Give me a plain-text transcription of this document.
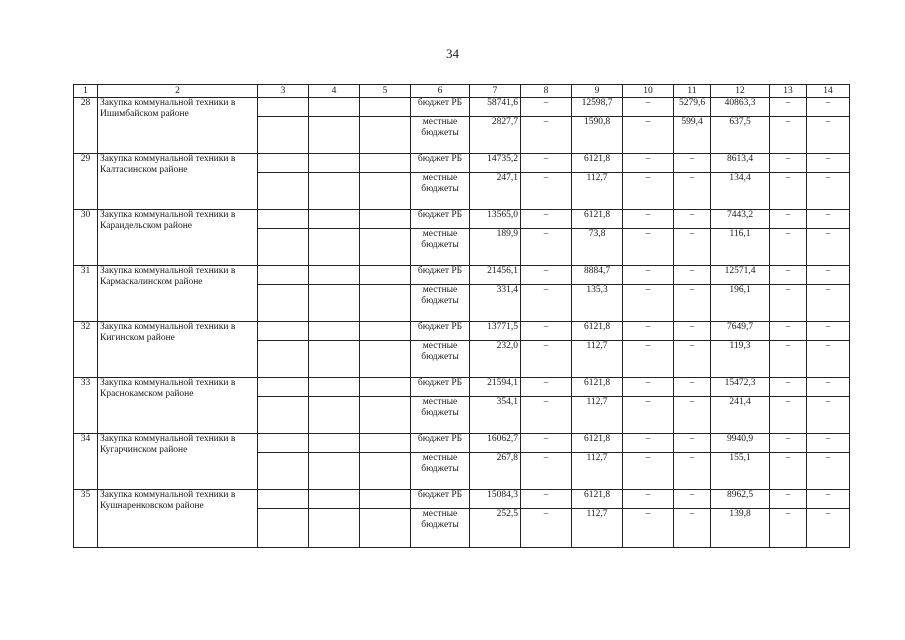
34
1	2	3	4	5	6	7	8	9	10	11	12	13	14
28	Закупка коммунальной техники в Ишимбайском районе				бюджет РБ	58741,6	–	12598,7	–	5279,6	40863,3	–	–
					местные бюджеты	2827,7	–	1590,8	–	599,4	637,5	–	–
29	Закупка коммунальной техники в Калтасинском районе				бюджет РБ	14735,2	–	6121,8	–	–	8613,4	–	–
					местные бюджеты	247,1	–	112,7	–	–	134,4	–	–
30	Закупка коммунальной техники в Караидельском районе				бюджет РБ	13565,0	–	6121,8	–	–	7443,2	–	–
					местные бюджеты	189,9	–	73,8	–	–	116,1	–	–
31	Закупка коммунальной техники в Кармаскалинском районе				бюджет РБ	21456,1	–	8884,7	–	–	12571,4	–	–
					местные бюджеты	331,4	–	135,3	–	–	196,1	–	–
32	Закупка коммунальной техники в Кигинском районе				бюджет РБ	13771,5	–	6121,8	–	–	7649,7	–	–
					местные бюджеты	232,0	–	112,7	–	–	119,3	–	–
33	Закупка коммунальной техники в Краснокамском районе				бюджет РБ	21594,1	–	6121,8	–	–	15472,3	–	–
					местные бюджеты	354,1	–	112,7	–	–	241,4	–	–
34	Закупка коммунальной техники в Кугарчинском районе				бюджет РБ	16062,7	–	6121,8	–	–	9940,9	–	–
					местные бюджеты	267,8	–	112,7	–	–	155,1	–	–
35	Закупка коммунальной техники в Кушнаренковском районе				бюджет РБ	15084,3	–	6121,8	–	–	8962,5	–	–
					местные бюджеты	252,5	–	112,7	–	–	139,8	–	–
